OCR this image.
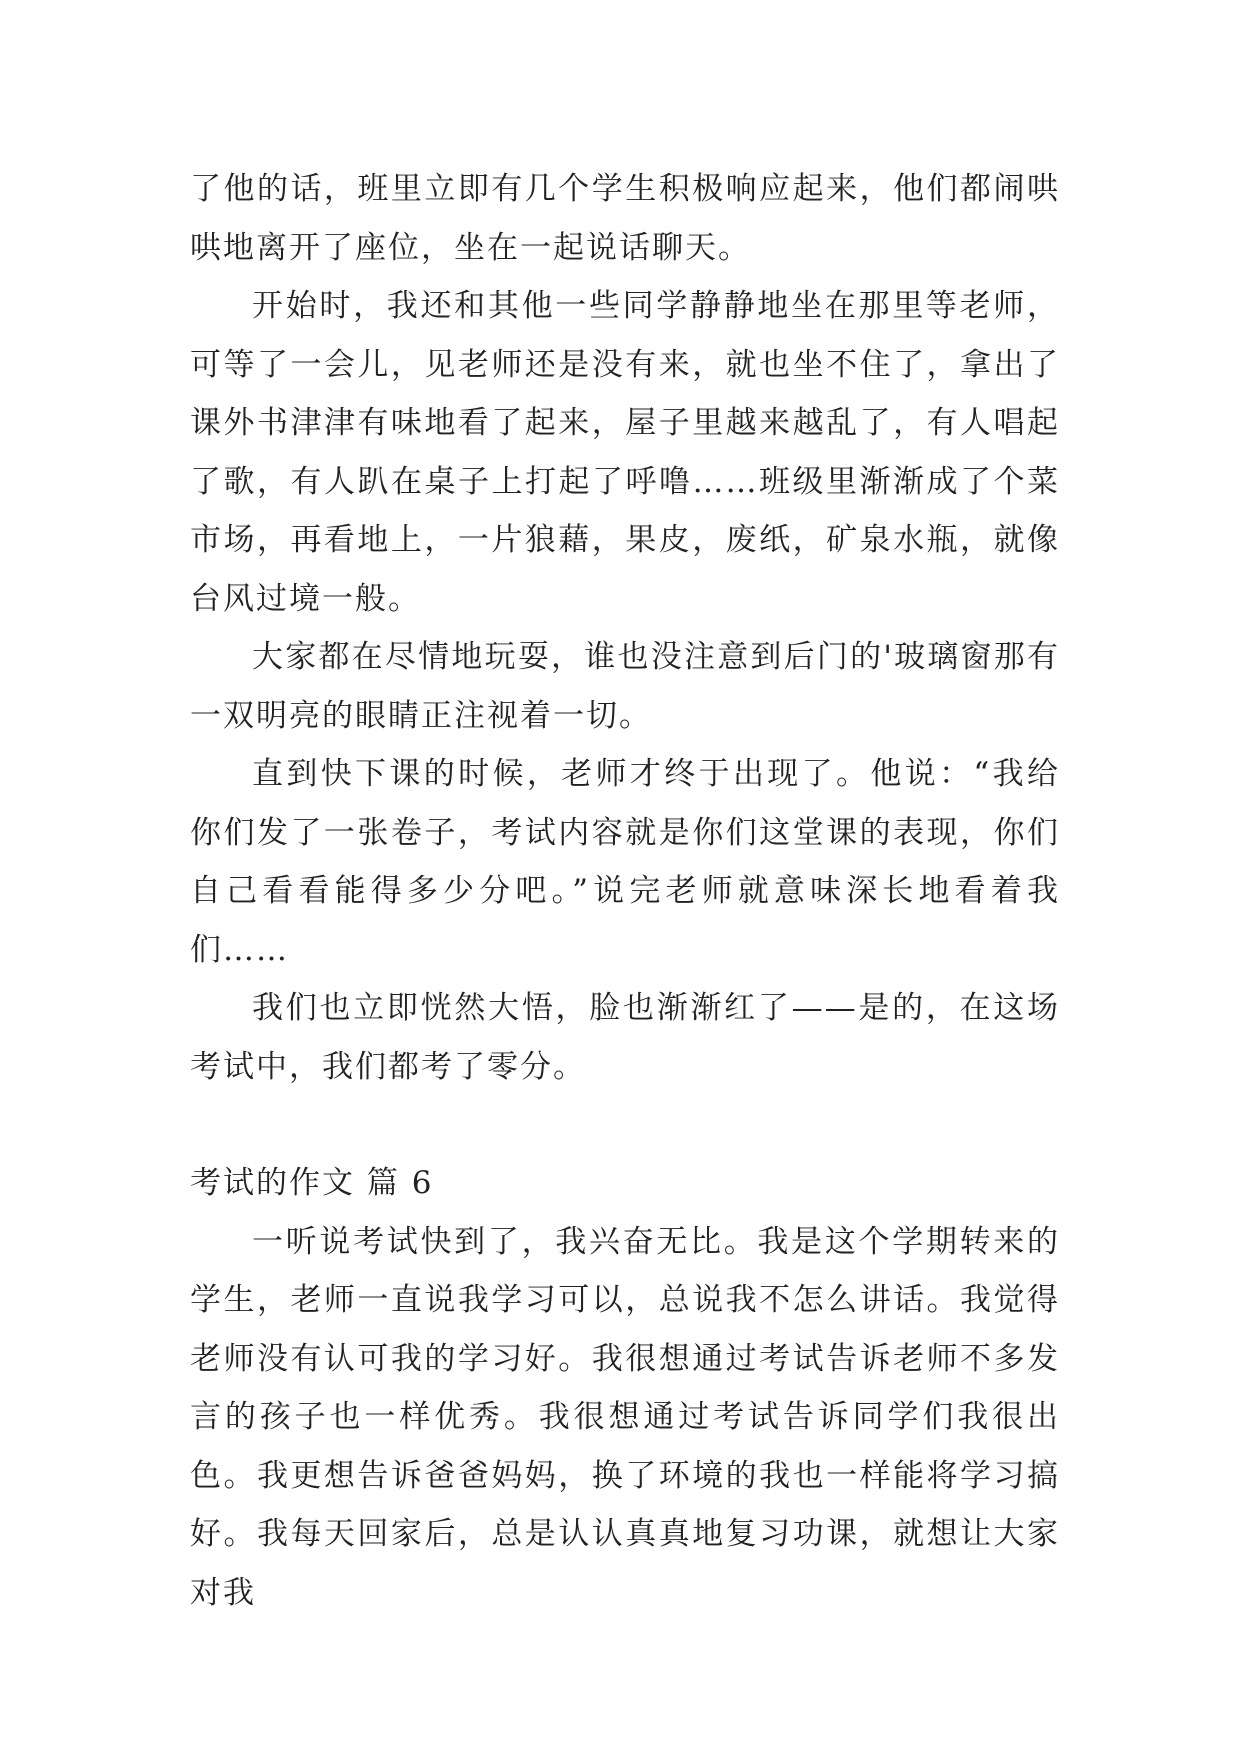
了他的话，班里立即有几个学生积极响应起来，他们都闹哄哄地离开了座位，坐在一起说话聊天。

开始时，我还和其他一些同学静静地坐在那里等老师，可等了一会儿，见老师还是没有来，就也坐不住了，拿出了课外书津津有味地看了起来，屋子里越来越乱了，有人唱起了歌，有人趴在桌子上打起了呼噜……班级里渐渐成了个菜市场，再看地上，一片狼藉，果皮，废纸，矿泉水瓶，就像台风过境一般。

大家都在尽情地玩耍，谁也没注意到后门的'玻璃窗那有一双明亮的眼睛正注视着一切。

直到快下课的时候，老师才终于出现了。他说：“我给你们发了一张卷子，考试内容就是你们这堂课的表现，你们自己看看能得多少分吧。”说完老师就意味深长地看着我们……

我们也立即恍然大悟，脸也渐渐红了——是的，在这场考试中，我们都考了零分。

考试的作文 篇 6

一听说考试快到了，我兴奋无比。我是这个学期转来的学生，老师一直说我学习可以，总说我不怎么讲话。我觉得老师没有认可我的学习好。我很想通过考试告诉老师不多发言的孩子也一样优秀。我很想通过考试告诉同学们我很出色。我更想告诉爸爸妈妈，换了环境的我也一样能将学习搞好。我每天回家后，总是认认真真地复习功课，就想让大家对我
